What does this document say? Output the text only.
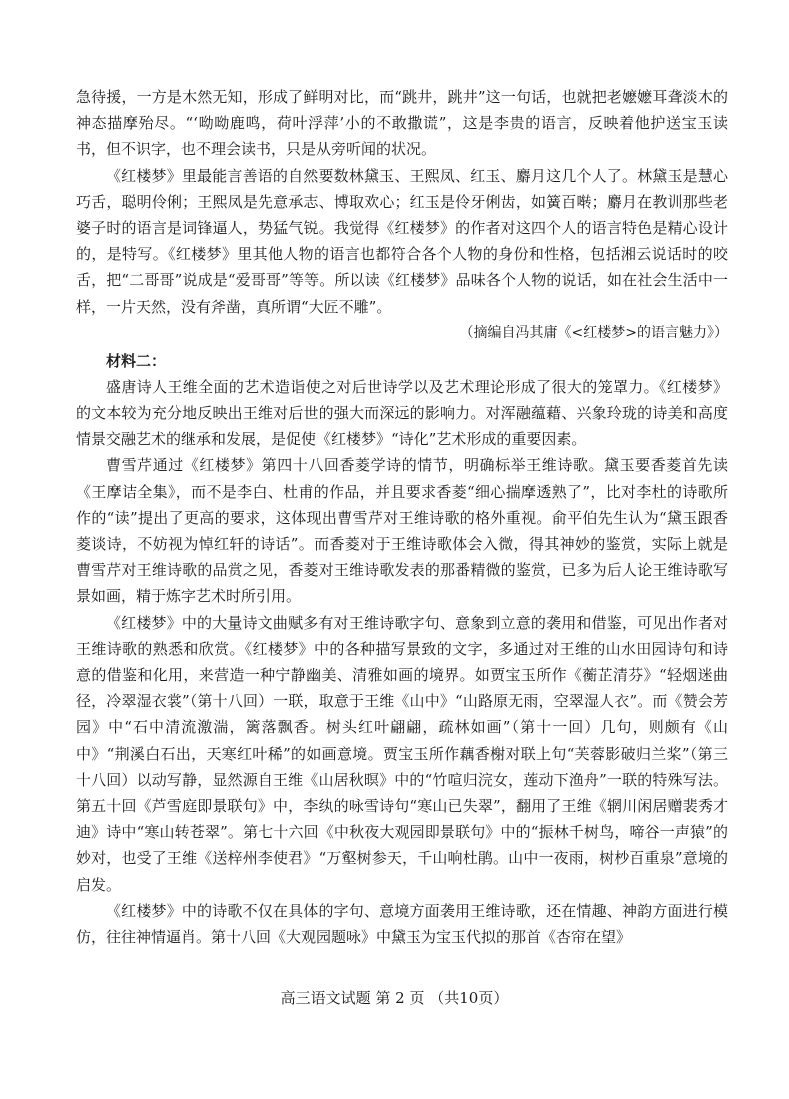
急待援，一方是木然无知，形成了鲜明对比，而“跳井，跳井”这一句话，也就把老嬷嬷耳聋淡木的神态描摩殆尽。“‘呦呦鹿鸣，荷叶浮萍’小的不敢撒谎”，这是李贵的语言，反映着他护送宝玉读书，但不识字，也不理会读书，只是从旁听闻的状况。

《红楼梦》里最能言善语的自然要数林黛玉、王熙凤、红玉、麝月这几个人了。林黛玉是慧心巧舌，聪明伶俐；王熙凤是先意承志、博取欢心；红玉是伶牙俐齿，如簧百啭；麝月在教训那些老婆子时的语言是词锋逼人，势猛气锐。我觉得《红楼梦》的作者对这四个人的语言特色是精心设计的，是特写。《红楼梦》里其他人物的语言也都符合各个人物的身份和性格，包括湘云说话时的咬舌，把“二哥哥”说成是“爱哥哥”等等。所以读《红楼梦》品味各个人物的说话，如在社会生活中一样，一片天然，没有斧凿，真所谓“大匠不雕”。

（摘编自冯其庸《<红楼梦>的语言魅力》）

材料二：

盛唐诗人王维全面的艺术造诣使之对后世诗学以及艺术理论形成了很大的笼罩力。《红楼梦》的文本较为充分地反映出王维对后世的强大而深远的影响力。对浑融蕴藉、兴象玲珑的诗美和高度情景交融艺术的继承和发展，是促使《红楼梦》“诗化”艺术形成的重要因素。

曹雪芹通过《红楼梦》第四十八回香菱学诗的情节，明确标举王维诗歌。黛玉要香菱首先读《王摩诘全集》，而不是李白、杜甫的作品，并且要求香菱“细心揣摩透熟了”，比对李杜的诗歌所作的“读”提出了更高的要求，这体现出曹雪芹对王维诗歌的格外重视。俞平伯先生认为“黛玉跟香菱谈诗，不妨视为悼红轩的诗话”。而香菱对于王维诗歌体会入微，得其神妙的鉴赏，实际上就是曹雪芹对王维诗歌的品赏之见，香菱对王维诗歌发表的那番精微的鉴赏，已多为后人论王维诗歌写景如画，精于炼字艺术时所引用。

《红楼梦》中的大量诗文曲赋多有对王维诗歌字句、意象到立意的袭用和借鉴，可见出作者对王维诗歌的熟悉和欣赏。《红楼梦》中的各种描写景致的文字，多通过对王维的山水田园诗句和诗意的借鉴和化用，来营造一种宁静幽美、清雅如画的境界。如贾宝玉所作《蘅芷清芬》“轻烟迷曲径，冷翠湿衣裳”（第十八回）一联，取意于王维《山中》“山路原无雨，空翠湿人衣”。而《赞会芳园》中“石中清流激湍，篱落飘香。树头红叶翩翩，疏林如画”（第十一回）几句，则颇有《山中》“荆溪白石出，天寒红叶稀”的如画意境。贾宝玉所作藕香榭对联上句“芙蓉影破归兰桨”（第三十八回）以动写静，显然源自王维《山居秋暝》中的“竹喧归浣女，莲动下渔舟”一联的特殊写法。第五十回《芦雪庭即景联句》中，李纨的咏雪诗句“寒山已失翠”，翻用了王维《辋川闲居赠裴秀才迪》诗中“寒山转苍翠”。第七十六回《中秋夜大观园即景联句》中的“振林千树鸟，啼谷一声猿”的妙对，也受了王维《送梓州李使君》“万壑树参天，千山响杜鹃。山中一夜雨，树杪百重泉”意境的启发。

《红楼梦》中的诗歌不仅在具体的字句、意境方面袭用王维诗歌，还在情趣、神韵方面进行模仿，往往神情逼肖。第十八回《大观园题咏》中黛玉为宝玉代拟的那首《杏帘在望》

高三语文试题 第 2 页 （共10页）
